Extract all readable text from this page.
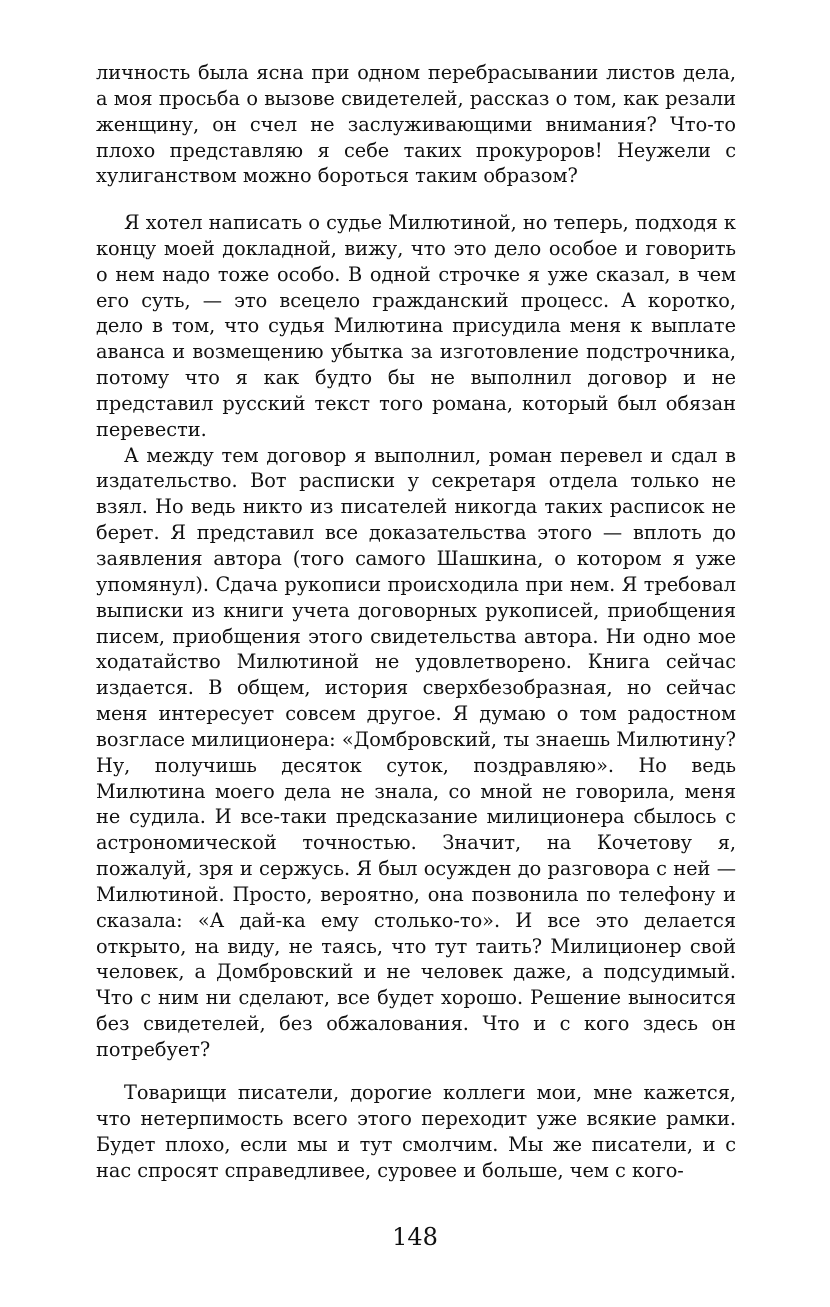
личность была ясна при одном перебрасывании листов дела, а моя просьба о вызове свидетелей, рассказ о том, как резали женщину, он счел не заслуживающими внимания? Что-то плохо представляю я себе таких прокуроров! Неужели с хулиганством можно бороться таким образом?

Я хотел написать о судье Милютиной, но теперь, подходя к концу моей докладной, вижу, что это дело особое и говорить о нем надо тоже особо. В одной строчке я уже сказал, в чем его суть, — это всецело гражданский процесс. А коротко, дело в том, что судья Милютина присудила меня к выплате аванса и возмещению убытка за изготовление подстрочника, потому что я как будто бы не выполнил договор и не представил русский текст того романа, который был обязан перевести.

А между тем договор я выполнил, роман перевел и сдал в издательство. Вот расписки у секретаря отдела только не взял. Но ведь никто из писателей никогда таких расписок не берет. Я представил все доказательства этого — вплоть до заявления автора (того самого Шашкина, о котором я уже упомянул). Сдача рукописи происходила при нем. Я требовал выписки из книги учета договорных рукописей, приобщения писем, приобщения этого свидетельства автора. Ни одно мое ходатайство Милютиной не удовлетворено. Книга сейчас издается. В общем, история сверхбезобразная, но сейчас меня интересует совсем другое. Я думаю о том радостном возгласе милиционера: «Домбровский, ты знаешь Милютину? Ну, получишь десяток суток, поздравляю». Но ведь Милютина моего дела не знала, со мной не говорила, меня не судила. И все-таки предсказание милиционера сбылось с астрономической точностью. Значит, на Кочетову я, пожалуй, зря и сержусь. Я был осужден до разговора с ней — Милютиной. Просто, вероятно, она позвонила по телефону и сказала: «А дай-ка ему столько-то». И все это делается открыто, на виду, не таясь, что тут таить? Милиционер свой человек, а Домбровский и не человек даже, а подсудимый. Что с ним ни сделают, все будет хорошо. Решение выносится без свидетелей, без обжалования. Что и с кого здесь он потребует?

Товарищи писатели, дорогие коллеги мои, мне кажется, что нетерпимость всего этого переходит уже всякие рамки. Будет плохо, если мы и тут смолчим. Мы же писатели, и с нас спросят справедливее, суровее и больше, чем с кого-

148
